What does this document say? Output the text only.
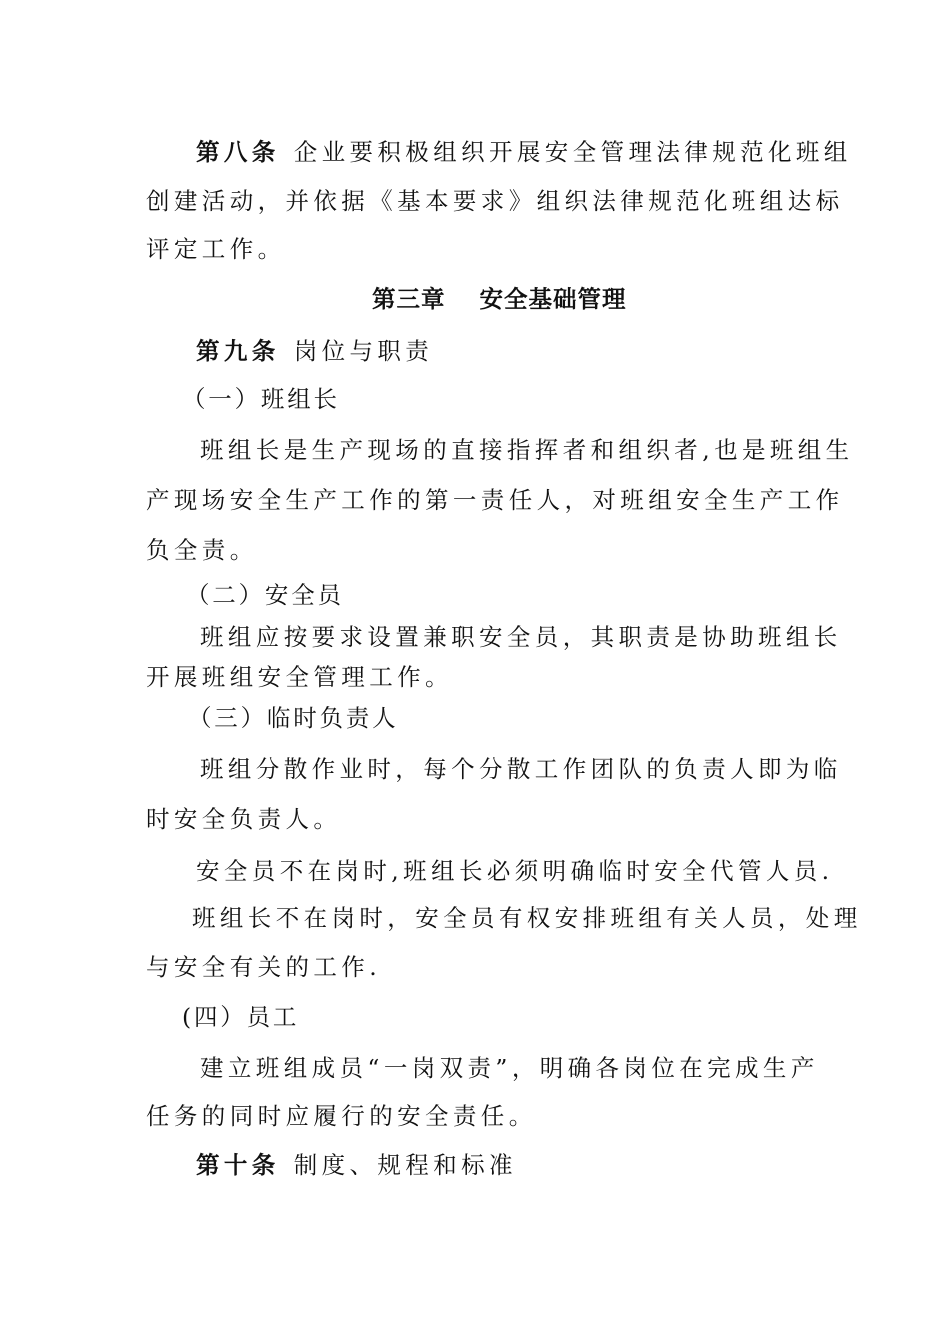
第八条 企业要积极组织开展安全管理法律规范化班组
创建活动，并依据《基本要求》组织法律规范化班组达标
评定工作。
第三章 安全基础管理
第九条 岗位与职责
（一）班组长
班组长是生产现场的直接指挥者和组织者,也是班组生
产现场安全生产工作的第一责任人，对班组安全生产工作
负全责。
（二）安全员
班组应按要求设置兼职安全员，其职责是协助班组长
开展班组安全管理工作。
（三）临时负责人
班组分散作业时，每个分散工作团队的负责人即为临
时安全负责人。
安全员不在岗时,班组长必须明确临时安全代管人员.
班组长不在岗时，安全员有权安排班组有关人员，处理
与安全有关的工作.
(四）员工
建立班组成员“一岗双责”，明确各岗位在完成生产
任务的同时应履行的安全责任。
第十条 制度、规程和标准
